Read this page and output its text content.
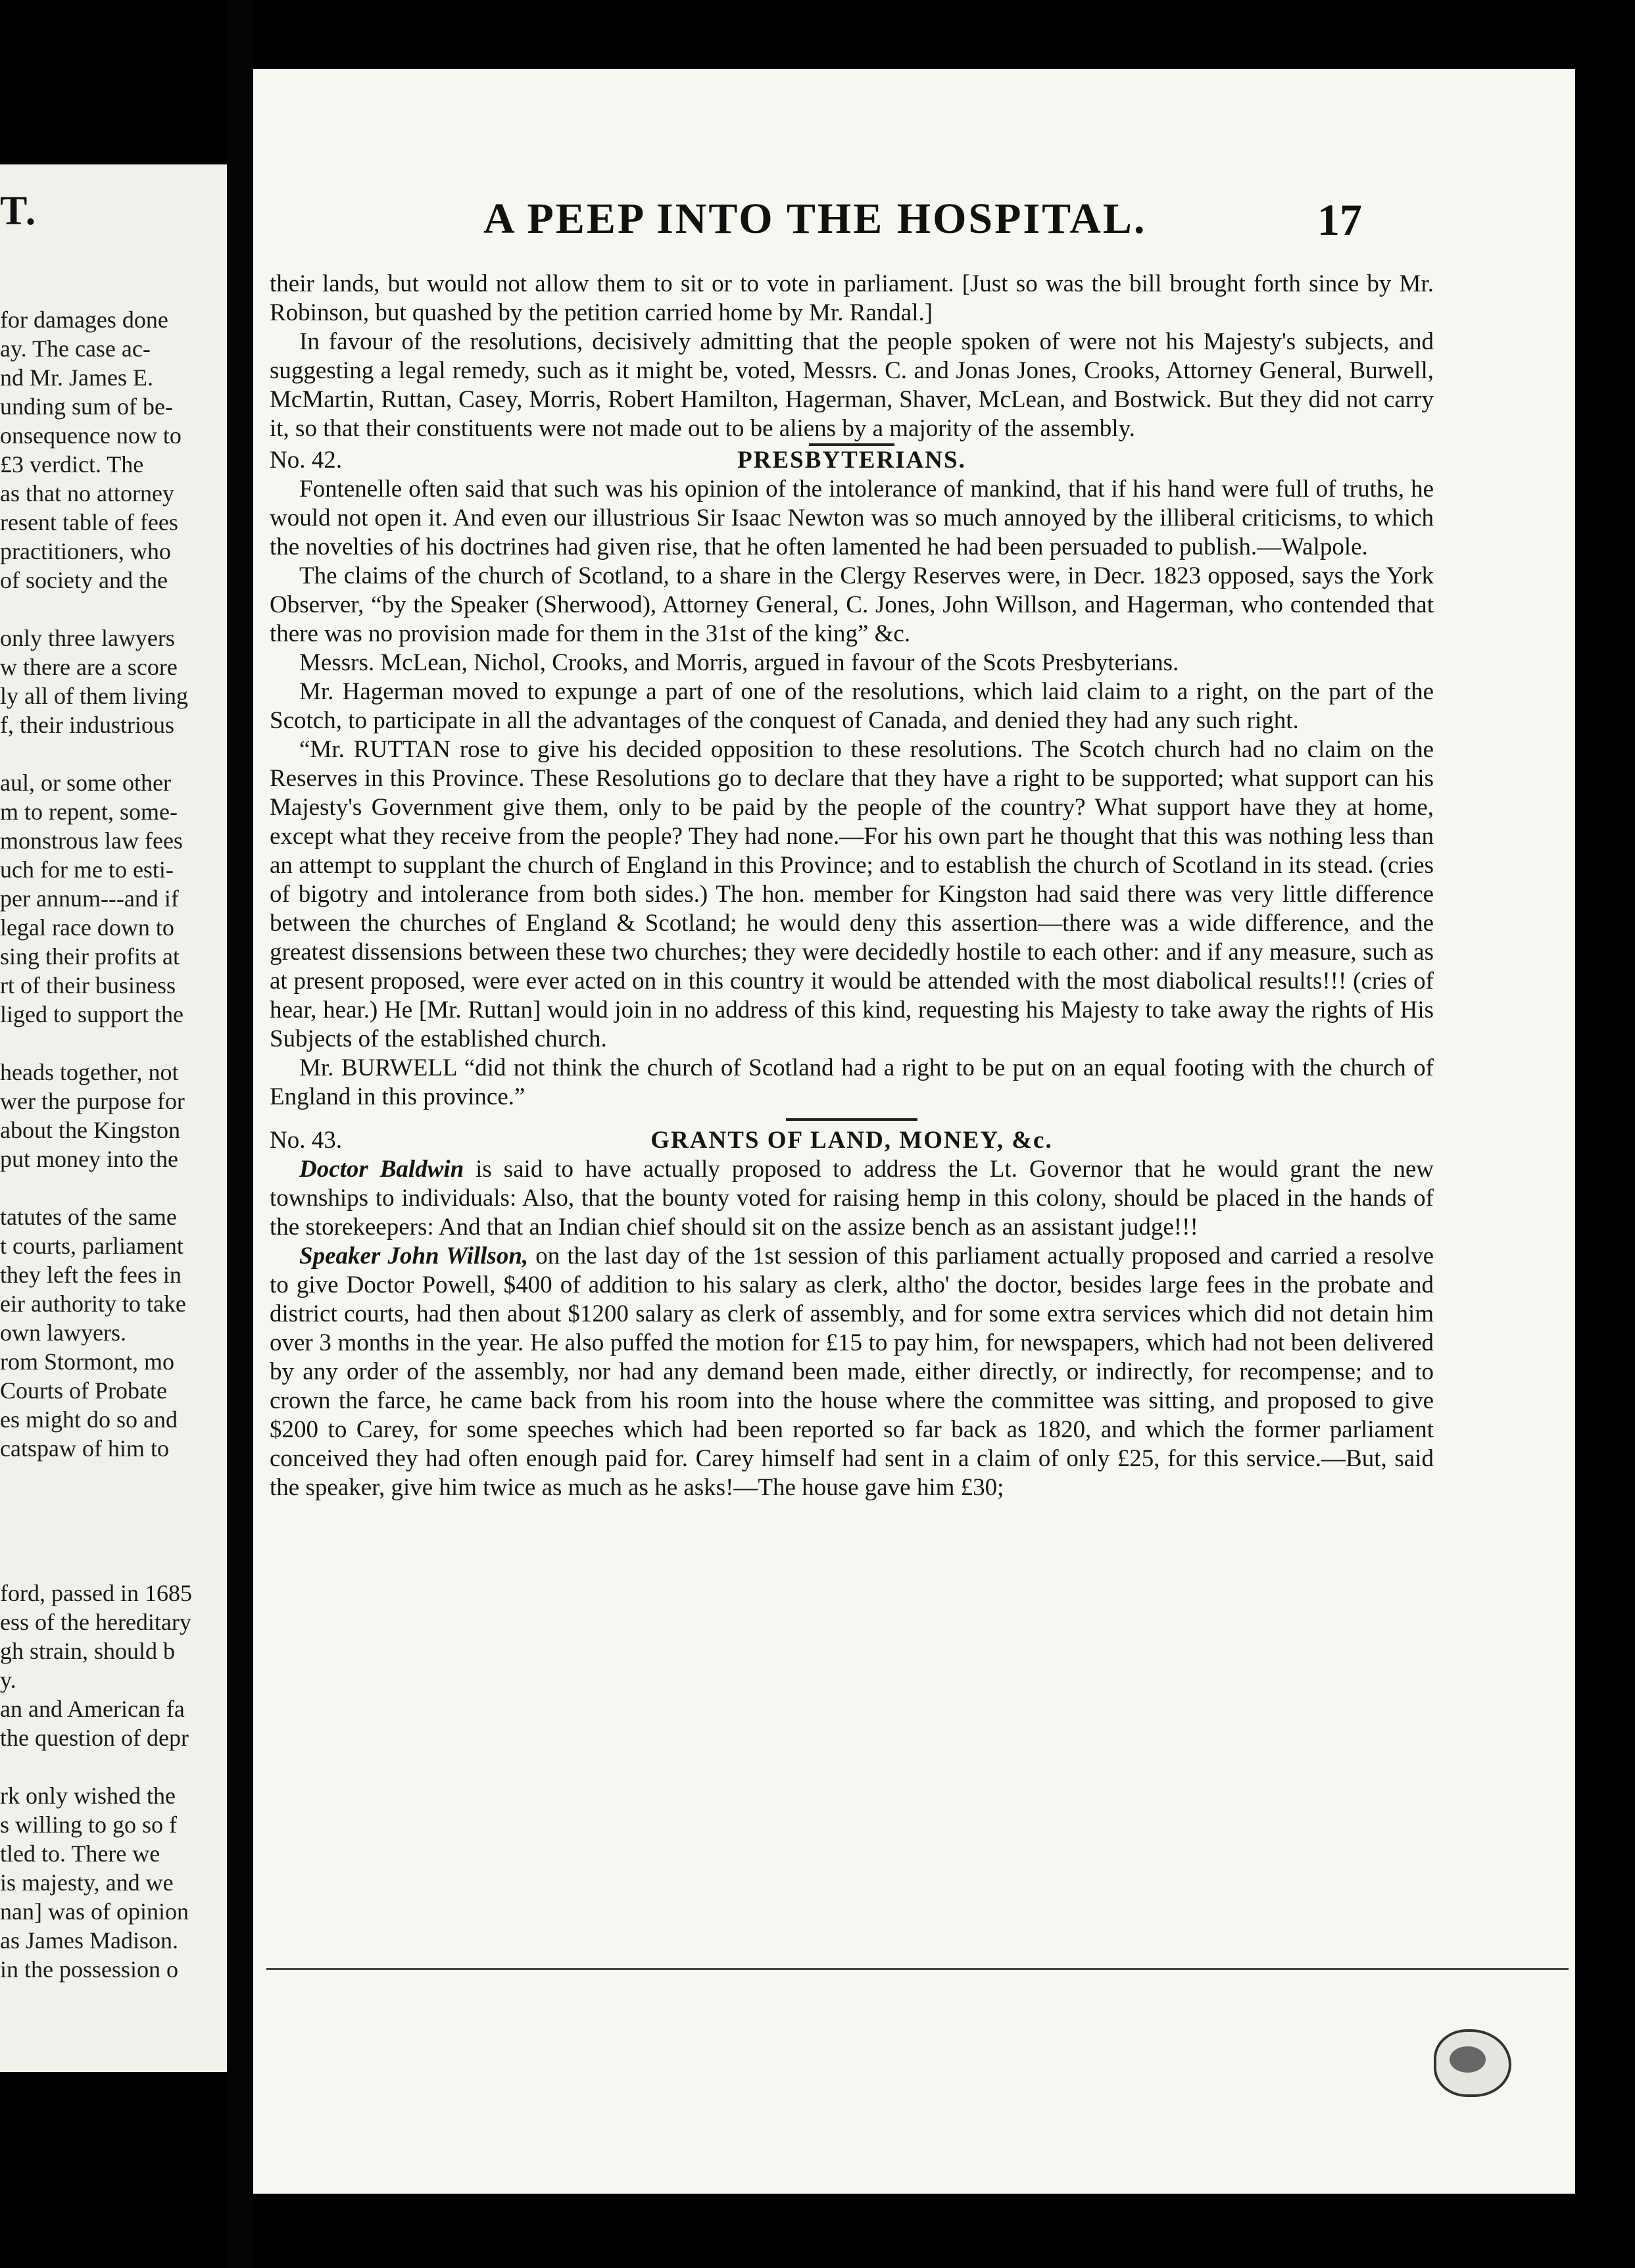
T.
for damages done
ay. The case ac-
nd Mr. James E.
unding sum of be-
onsequence now to
£3 verdict. The
as that no attorney
resent table of fees
practitioners, who
of society and the
only three lawyers
w there are a score
ly all of them living
f, their industrious
aul, or some other
m to repent, some-
monstrous law fees
uch for me to esti-
per annum---and if
legal race down to
sing their profits at
rt of their business
liged to support the
heads together, not
wer the purpose for
about the Kingston
put money into the
tatutes of the same
t courts, parliament
they left the fees in
eir authority to take
own lawyers.
rom Stormont, mo
Courts of Probate
es might do so and
catspaw of him to
ford, passed in 1685
ess of the hereditary
gh strain, should b
y.
an and American fa
the question of depr
rk only wished the
s willing to go so f
tled to. There we
is majesty, and we
nan] was of opinion
as James Madison.
in the possession o
A PEEP INTO THE HOSPITAL.	17

their lands, but would not allow them to sit or to vote in parliament. [Just so was the bill brought forth since by Mr. Robinson, but quashed by the petition carried home by Mr. Randal.]

In favour of the resolutions, decisively admitting that the people spoken of were not his Majesty's subjects, and suggesting a legal remedy, such as it might be, voted, Messrs. C. and Jonas Jones, Crooks, Attorney General, Burwell, McMartin, Ruttan, Casey, Morris, Robert Hamilton, Hagerman, Shaver, McLean, and Bostwick. But they did not carry it, so that their constituents were not made out to be aliens by a majority of the assembly.

No. 42.	PRESBYTERIANS.

Fontenelle often said that such was his opinion of the intolerance of mankind, that if his hand were full of truths, he would not open it. And even our illustrious Sir Isaac Newton was so much annoyed by the illiberal criticisms, to which the novelties of his doctrines had given rise, that he often lamented he had been persuaded to publish.—Walpole.

The claims of the church of Scotland, to a share in the Clergy Reserves were, in Decr. 1823 opposed, says the York Observer, “by the Speaker (Sherwood), Attorney General, C. Jones, John Willson, and Hagerman, who contended that there was no provision made for them in the 31st of the king” &c.

Messrs. McLean, Nichol, Crooks, and Morris, argued in favour of the Scots Presbyterians.

Mr. Hagerman moved to expunge a part of one of the resolutions, which laid claim to a right, on the part of the Scotch, to participate in all the advantages of the conquest of Canada, and denied they had any such right.

“Mr. RUTTAN rose to give his decided opposition to these resolutions. The Scotch church had no claim on the Reserves in this Province. These Resolutions go to declare that they have a right to be supported; what support can his Majesty's Government give them, only to be paid by the people of the country? What support have they at home, except what they receive from the people? They had none.—For his own part he thought that this was nothing less than an attempt to supplant the church of England in this Province; and to establish the church of Scotland in its stead. (cries of bigotry and intolerance from both sides.) The hon. member for Kingston had said there was very little difference between the churches of England & Scotland; he would deny this assertion—there was a wide difference, and the greatest dissensions between these two churches; they were decidedly hostile to each other: and if any measure, such as at present proposed, were ever acted on in this country it would be attended with the most diabolical results!!! (cries of hear, hear.) He [Mr. Ruttan] would join in no address of this kind, requesting his Majesty to take away the rights of His Subjects of the established church.

Mr. BURWELL “did not think the church of Scotland had a right to be put on an equal footing with the church of England in this province.”

No. 43.	GRANTS OF LAND, MONEY, &c.

Doctor Baldwin is said to have actually proposed to address the Lt. Governor that he would grant the new townships to individuals: Also, that the bounty voted for raising hemp in this colony, should be placed in the hands of the storekeepers: And that an Indian chief should sit on the assize bench as an assistant judge!!!

Speaker John Willson, on the last day of the 1st session of this parliament actually proposed and carried a resolve to give Doctor Powell, $400 of addition to his salary as clerk, altho' the doctor, besides large fees in the probate and district courts, had then about $1200 salary as clerk of assembly, and for some extra services which did not detain him over 3 months in the year. He also puffed the motion for £15 to pay him, for newspapers, which had not been delivered by any order of the assembly, nor had any demand been made, either directly, or indirectly, for recompense; and to crown the farce, he came back from his room into the house where the committee was sitting, and proposed to give $200 to Carey, for some speeches which had been reported so far back as 1820, and which the former parliament conceived they had often enough paid for. Carey himself had sent in a claim of only £25, for this service.—But, said the speaker, give him twice as much as he asks!—The house gave him £30;
